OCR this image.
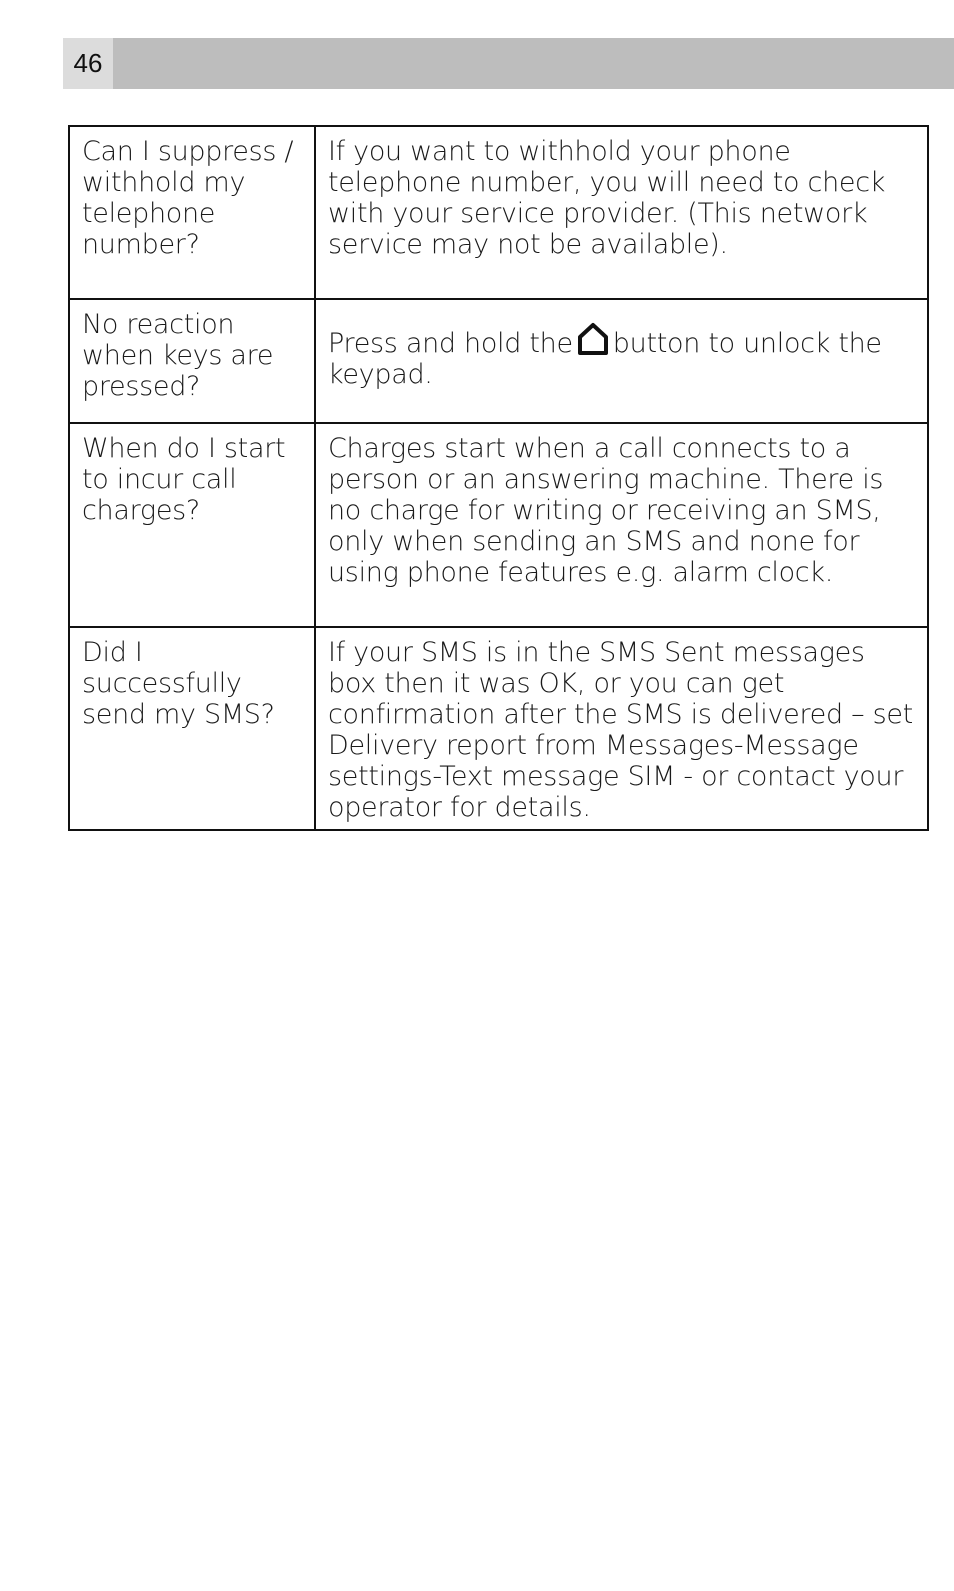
46
Can I suppress / withhold my telephone number?	If you want to withhold your phone telephone number, you will need to check with your service provider. (This network service may not be available).
No reaction when keys are pressed?	Press and hold the button to unlock the keypad.
When do I start to incur call charges?	Charges start when a call connects to a person or an answering machine. There is no charge for writing or receiving an SMS, only when sending an SMS and none for using phone features e.g. alarm clock.
Did I successfully send my SMS?	If your SMS is in the SMS Sent messages box then it was OK, or you can get confirmation after the SMS is delivered – set Delivery report from Messages-Message settings-Text message SIM - or contact your operator for details.
